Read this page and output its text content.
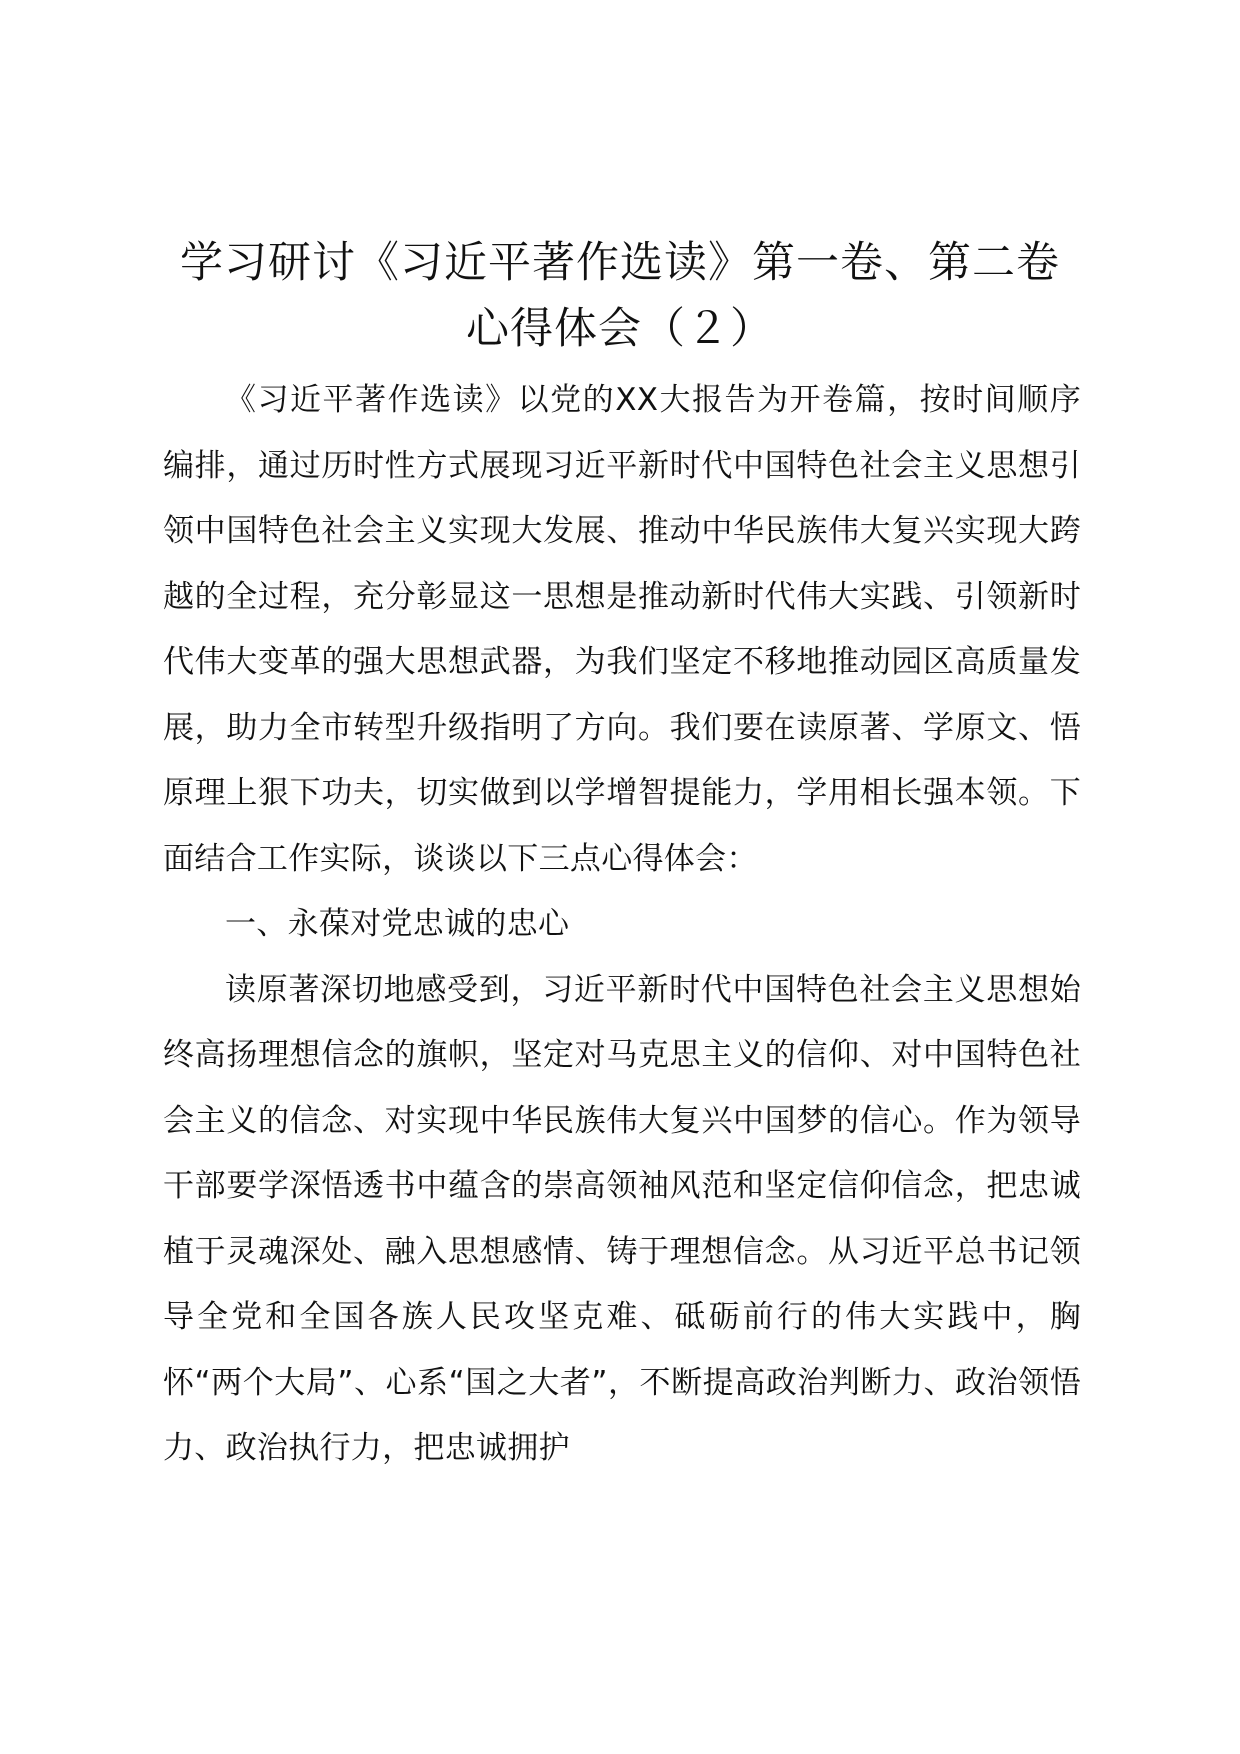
学习研讨《习近平著作选读》第一卷、第二卷
心得体会（２）

《习近平著作选读》以党的XX大报告为开卷篇，按时间顺序编排，通过历时性方式展现习近平新时代中国特色社会主义思想引领中国特色社会主义实现大发展、推动中华民族伟大复兴实现大跨越的全过程，充分彰显这一思想是推动新时代伟大实践、引领新时代伟大变革的强大思想武器，为我们坚定不移地推动园区高质量发展，助力全市转型升级指明了方向。我们要在读原著、学原文、悟原理上狠下功夫，切实做到以学增智提能力，学用相长强本领。下面结合工作实际，谈谈以下三点心得体会：

一、永葆对党忠诚的忠心

读原著深切地感受到，习近平新时代中国特色社会主义思想始终高扬理想信念的旗帜，坚定对马克思主义的信仰、对中国特色社会主义的信念、对实现中华民族伟大复兴中国梦的信心。作为领导干部要学深悟透书中蕴含的崇高领袖风范和坚定信仰信念，把忠诚植于灵魂深处、融入思想感情、铸于理想信念。从习近平总书记领导全党和全国各族人民攻坚克难、砥砺前行的伟大实践中，胸怀“两个大局”、心系“国之大者”，不断提高政治判断力、政治领悟力、政治执行力，把忠诚拥护
